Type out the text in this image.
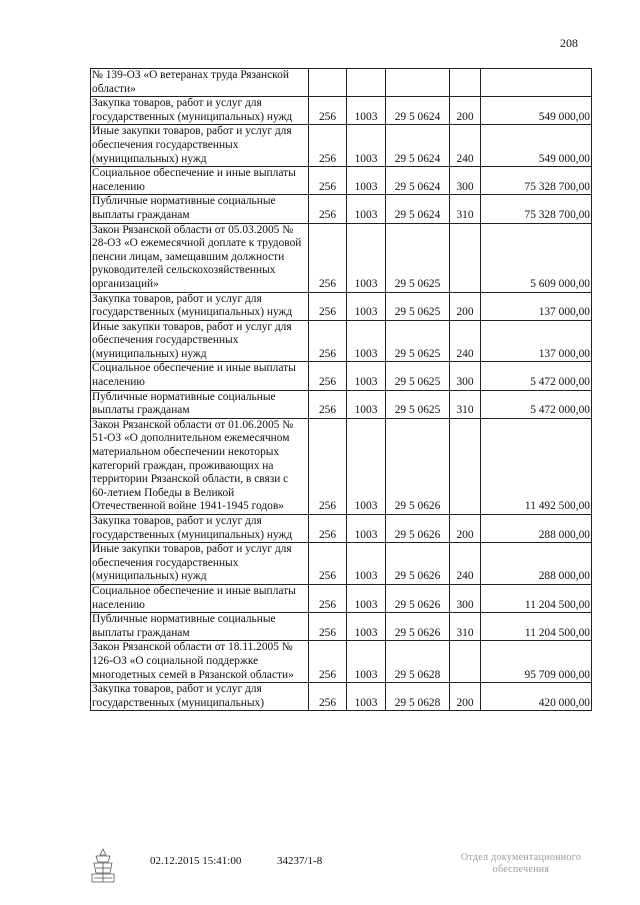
208
№ 139-ОЗ «О ветеранах труда Рязанской области»					
Закупка товаров, работ и услуг для государственных (муниципальных) нужд	256	1003	29 5 0624	200	549 000,00
Иные закупки товаров, работ и услуг для обеспечения государственных (муниципальных) нужд	256	1003	29 5 0624	240	549 000,00
Социальное обеспечение и иные выплаты населению	256	1003	29 5 0624	300	75 328 700,00
Публичные нормативные социальные выплаты гражданам	256	1003	29 5 0624	310	75 328 700,00
Закон Рязанской области от 05.03.2005 № 28-ОЗ «О ежемесячной доплате к трудовой пенсии лицам, замещавшим должности руководителей сельскохозяйственных организаций»	256	1003	29 5 0625		5 609 000,00
Закупка товаров, работ и услуг для государственных (муниципальных) нужд	256	1003	29 5 0625	200	137 000,00
Иные закупки товаров, работ и услуг для обеспечения государственных (муниципальных) нужд	256	1003	29 5 0625	240	137 000,00
Социальное обеспечение и иные выплаты населению	256	1003	29 5 0625	300	5 472 000,00
Публичные нормативные социальные выплаты гражданам	256	1003	29 5 0625	310	5 472 000,00
Закон Рязанской области от 01.06.2005 № 51-ОЗ «О дополнительном ежемесячном материальном обеспечении некоторых категорий граждан, проживающих на территории Рязанской области, в связи с 60-летием Победы в Великой Отечественной войне 1941-1945 годов»	256	1003	29 5 0626		11 492 500,00
Закупка товаров, работ и услуг для государственных (муниципальных) нужд	256	1003	29 5 0626	200	288 000,00
Иные закупки товаров, работ и услуг для обеспечения государственных (муниципальных) нужд	256	1003	29 5 0626	240	288 000,00
Социальное обеспечение и иные выплаты населению	256	1003	29 5 0626	300	11 204 500,00
Публичные нормативные социальные выплаты гражданам	256	1003	29 5 0626	310	11 204 500,00
Закон Рязанской области от 18.11.2005 № 126-ОЗ «О социальной поддержке многодетных семей в Рязанской области»	256	1003	29 5 0628		95 709 000,00
Закупка товаров, работ и услуг для государственных (муниципальных)	256	1003	29 5 0628	200	420 000,00
02.12.2015 15:41:00	34237/1-8	Отдел документационного обеспечения
